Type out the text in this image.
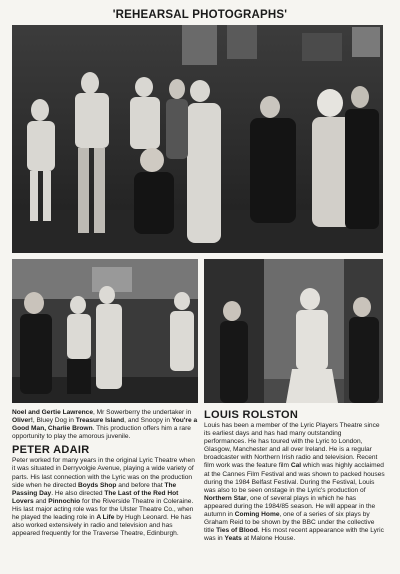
'REHEARSAL PHOTOGRAPHS'

Noel and Gertie Lawrence, Mr Sowerberry the undertaker in Oliver!, Bluey Dog in Treasure Island, and Snoopy in You're a Good Man, Charlie Brown. This production offers him a rare opportunity to play the amorous juvenile.

PETER ADAIR

Peter worked for many years in the original Lyric Theatre when it was situated in Derryvolgie Avenue, playing a wide variety of parts. His last connection with the Lyric was on the production side when he directed Boyds Shop and before that The Passing Day. He also directed The Last of the Red Hot Lovers and Pinnochio for the Riverside Theatre in Coleraine. His last major acting role was for the Ulster Theatre Co., when he played the leading role in A Life by Hugh Leonard. He has also worked extensively in radio and television and has appeared frequently for the Traverse Theatre, Edinburgh.

LOUIS ROLSTON

Louis has been a member of the Lyric Players Theatre since its earliest days and has had many outstanding performances. He has toured with the Lyric to London, Glasgow, Manchester and all over Ireland. He is a regular broadcaster with Northern Irish radio and television. Recent film work was the feature film Cal which was highly acclaimed at the Cannes Film Festival and was shown to packed houses during the 1984 Belfast Festival. During the Festival, Louis was also to be seen onstage in the Lyric's production of Northern Star, one of several plays in which he has appeared during the 1984/85 season. He will appear in the autumn in Coming Home, one of a series of six plays by Graham Reid to be shown by the BBC under the collective title Ties of Blood. His most recent appearance with the Lyric was in Yeats at Malone House.
